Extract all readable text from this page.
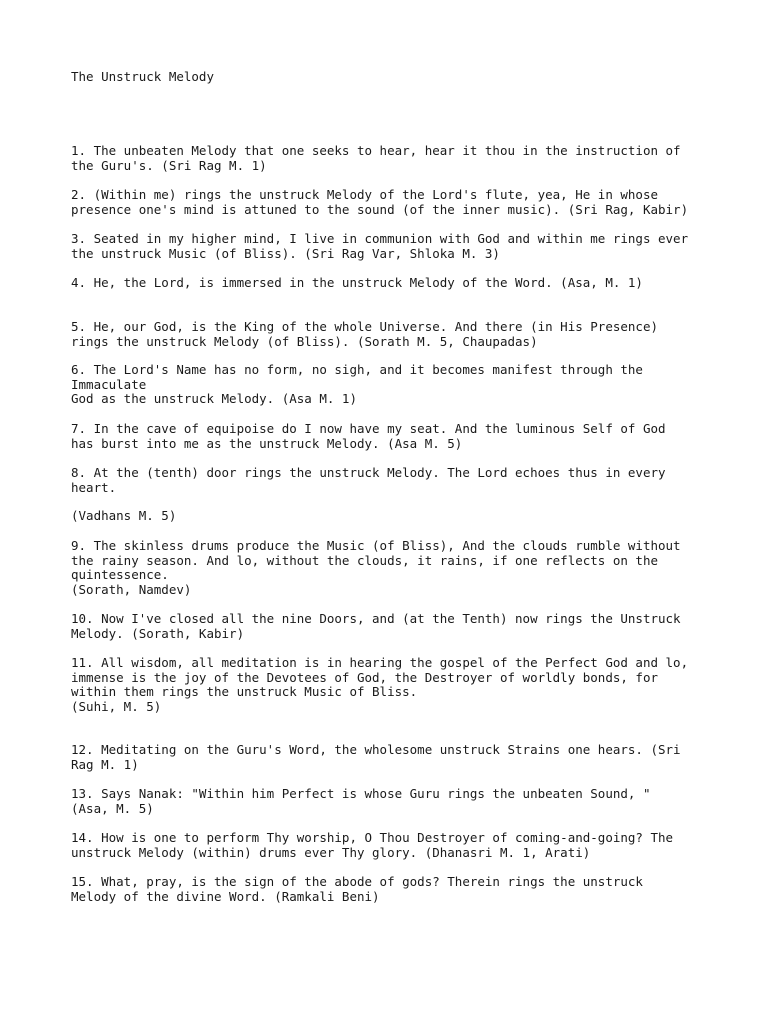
The Unstruck Melody

1. The unbeaten Melody that one seeks to hear, hear it thou in the instruction of
the Guru's. (Sri Rag M. 1)

2. (Within me) rings the unstruck Melody of the Lord's flute, yea, He in whose
presence one's mind is attuned to the sound (of the inner music). (Sri Rag, Kabir)

3. Seated in my higher mind, I live in communion with God and within me rings ever
the unstruck Music (of Bliss). (Sri Rag Var, Shloka M. 3)

4. He, the Lord, is immersed in the unstruck Melody of the Word. (Asa, M. 1)

5. He, our God, is the King of the whole Universe. And there (in His Presence)
rings the unstruck Melody (of Bliss). (Sorath M. 5, Chaupadas)

6. The Lord's Name has no form, no sigh, and it becomes manifest through the
Immaculate
God as the unstruck Melody. (Asa M. 1)

7. In the cave of equipoise do I now have my seat. And the luminous Self of God
has burst into me as the unstruck Melody. (Asa M. 5)

8. At the (tenth) door rings the unstruck Melody. The Lord echoes thus in every
heart.

(Vadhans M. 5)

9. The skinless drums produce the Music (of Bliss), And the clouds rumble without
the rainy season. And lo, without the clouds, it rains, if one reflects on the
quintessence.
(Sorath, Namdev)

10. Now I've closed all the nine Doors, and (at the Tenth) now rings the Unstruck
Melody. (Sorath, Kabir)

11. All wisdom, all meditation is in hearing the gospel of the Perfect God and lo,
immense is the joy of the Devotees of God, the Destroyer of worldly bonds, for
within them rings the unstruck Music of Bliss.
(Suhi, M. 5)

12. Meditating on the Guru's Word, the wholesome unstruck Strains one hears. (Sri
Rag M. 1)

13. Says Nanak: "Within him Perfect is whose Guru rings the unbeaten Sound, "
(Asa, M. 5)

14. How is one to perform Thy worship, O Thou Destroyer of coming-and-going? The
unstruck Melody (within) drums ever Thy glory. (Dhanasri M. 1, Arati)

15. What, pray, is the sign of the abode of gods? Therein rings the unstruck
Melody of the divine Word. (Ramkali Beni)
